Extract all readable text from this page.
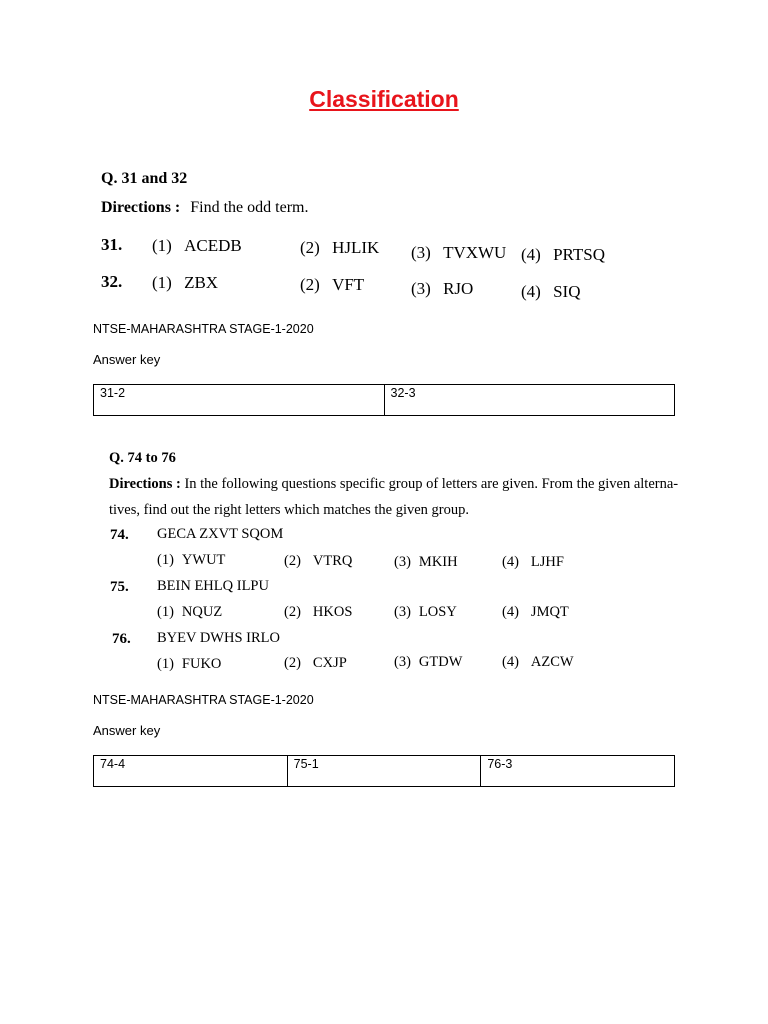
Classification
Q. 31 and 32
Directions : Find the odd term.
31. (1) ACEDB	(2) HJLIK (3) TVXWU (4) PRTSQ
32. (1) ZBX	(2) VFT	(3) RJO	(4) SIQ
NTSE-MAHARASHTRA STAGE-1-2020
Answer key
31-2	32-3
Q. 74 to 76
Directions : In the following questions specific group of letters are given. From the given alterna-
tives, find out the right letters which matches the given group.
74. GECA ZXVT SQOM
(1) YWUT	(2) VTRQ	(3) MKIH	(4) LJHF
75. BEIN EHLQ ILPU
(1) NQUZ	(2) HKOS	(3) LOSY	(4) JMQT
76. BYEV DWHS IRLO
(1) FUKO	(2) CXJP	(3) GTDW	(4) AZCW
NTSE-MAHARASHTRA STAGE-1-2020
Answer key
74-4	75-1	76-3
